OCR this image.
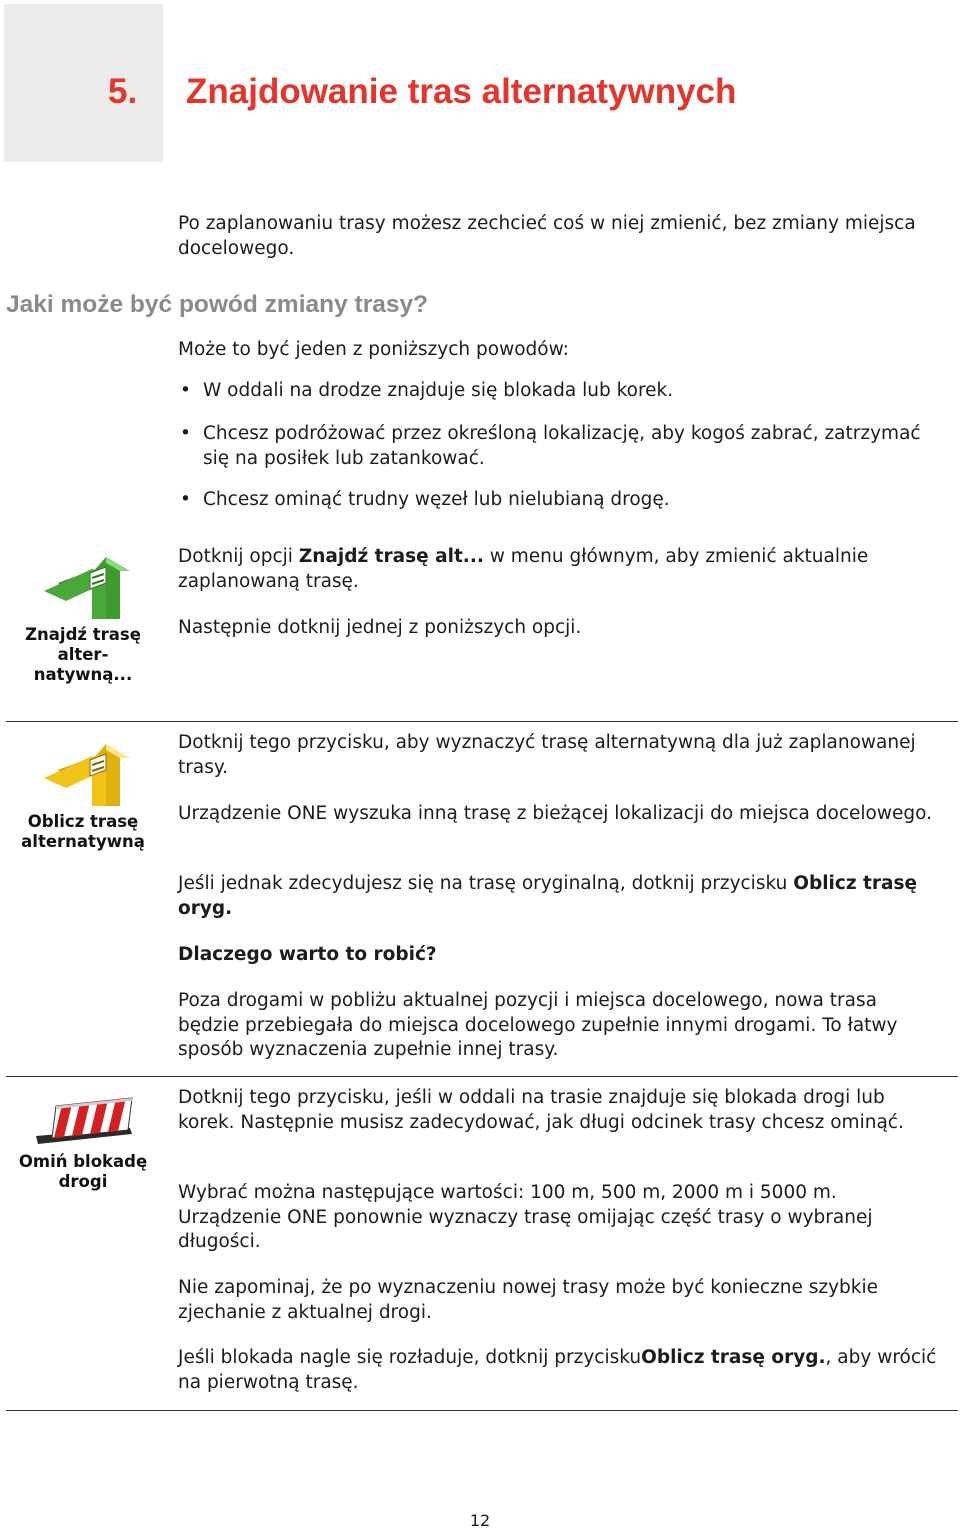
5. Znajdowanie tras alternatywnych
Po zaplanowaniu trasy możesz zechcieć coś w niej zmienić, bez zmiany miejsca docelowego.
Jaki może być powód zmiany trasy?
Może to być jeden z poniższych powodów:
• W oddali na drodze znajduje się blokada lub korek.
• Chcesz podróżować przez określoną lokalizację, aby kogoś zabrać, zatrzymać się na posiłek lub zatankować.
• Chcesz ominąć trudny węzeł lub nielubianą drogę.
Znajdź trasę alter-natywną...
Dotknij opcji Znajdź trasę alt... w menu głównym, aby zmienić aktualnie zaplanowaną trasę.
Następnie dotknij jednej z poniższych opcji.
Oblicz trasę alternatywną
Dotknij tego przycisku, aby wyznaczyć trasę alternatywną dla już zaplanowanej trasy.
Urządzenie ONE wyszuka inną trasę z bieżącej lokalizacji do miejsca docelowego.
Jeśli jednak zdecydujesz się na trasę oryginalną, dotknij przycisku Oblicz trasę oryg.
Dlaczego warto to robić?
Poza drogami w pobliżu aktualnej pozycji i miejsca docelowego, nowa trasa będzie przebiegała do miejsca docelowego zupełnie innymi drogami. To łatwy sposób wyznaczenia zupełnie innej trasy.
Omiń blokadę drogi
Dotknij tego przycisku, jeśli w oddali na trasie znajduje się blokada drogi lub korek. Następnie musisz zadecydować, jak długi odcinek trasy chcesz ominąć.
Wybrać można następujące wartości: 100 m, 500 m, 2000 m i 5000 m. Urządzenie ONE ponownie wyznaczy trasę omijając część trasy o wybranej długości.
Nie zapominaj, że po wyznaczeniu nowej trasy może być konieczne szybkie zjechanie z aktualnej drogi.
Jeśli blokada nagle się rozładuje, dotknij przyciskuOblicz trasę oryg., aby wrócić na pierwotną trasę.
12
